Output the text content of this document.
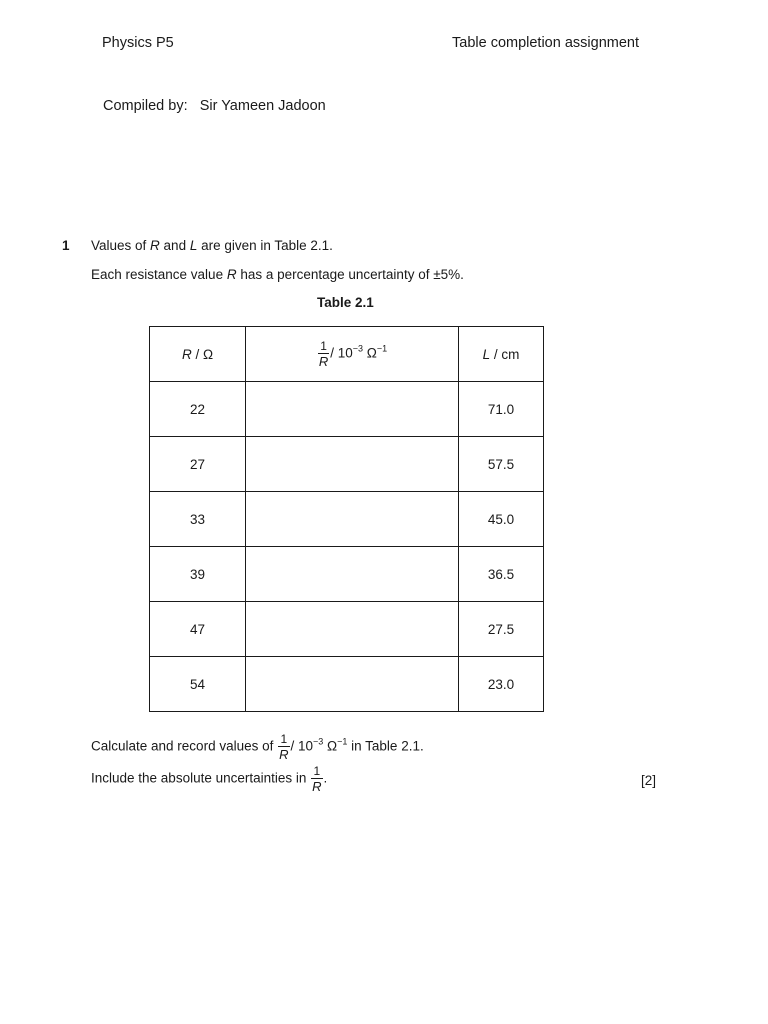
Physics P5	Table completion assignment
Compiled by: Sir Yameen Jadoon
1 Values of R and L are given in Table 2.1.
Each resistance value R has a percentage uncertainty of ±5%.
Table 2.1
R / Ω	$\frac{1}{R} / 10^{-3}$ $\Omega^{-1}$	L / cm
22		71.0
27		57.5
33		45.0
39		36.5
47		27.5
54		23.0
Calculate and record values of $\frac{1}{R} / 10^{-3}$ $\Omega^{-1}$ in Table 2.1.
Include the absolute uncertainties in $\frac{1}{R}$ .	[2]
